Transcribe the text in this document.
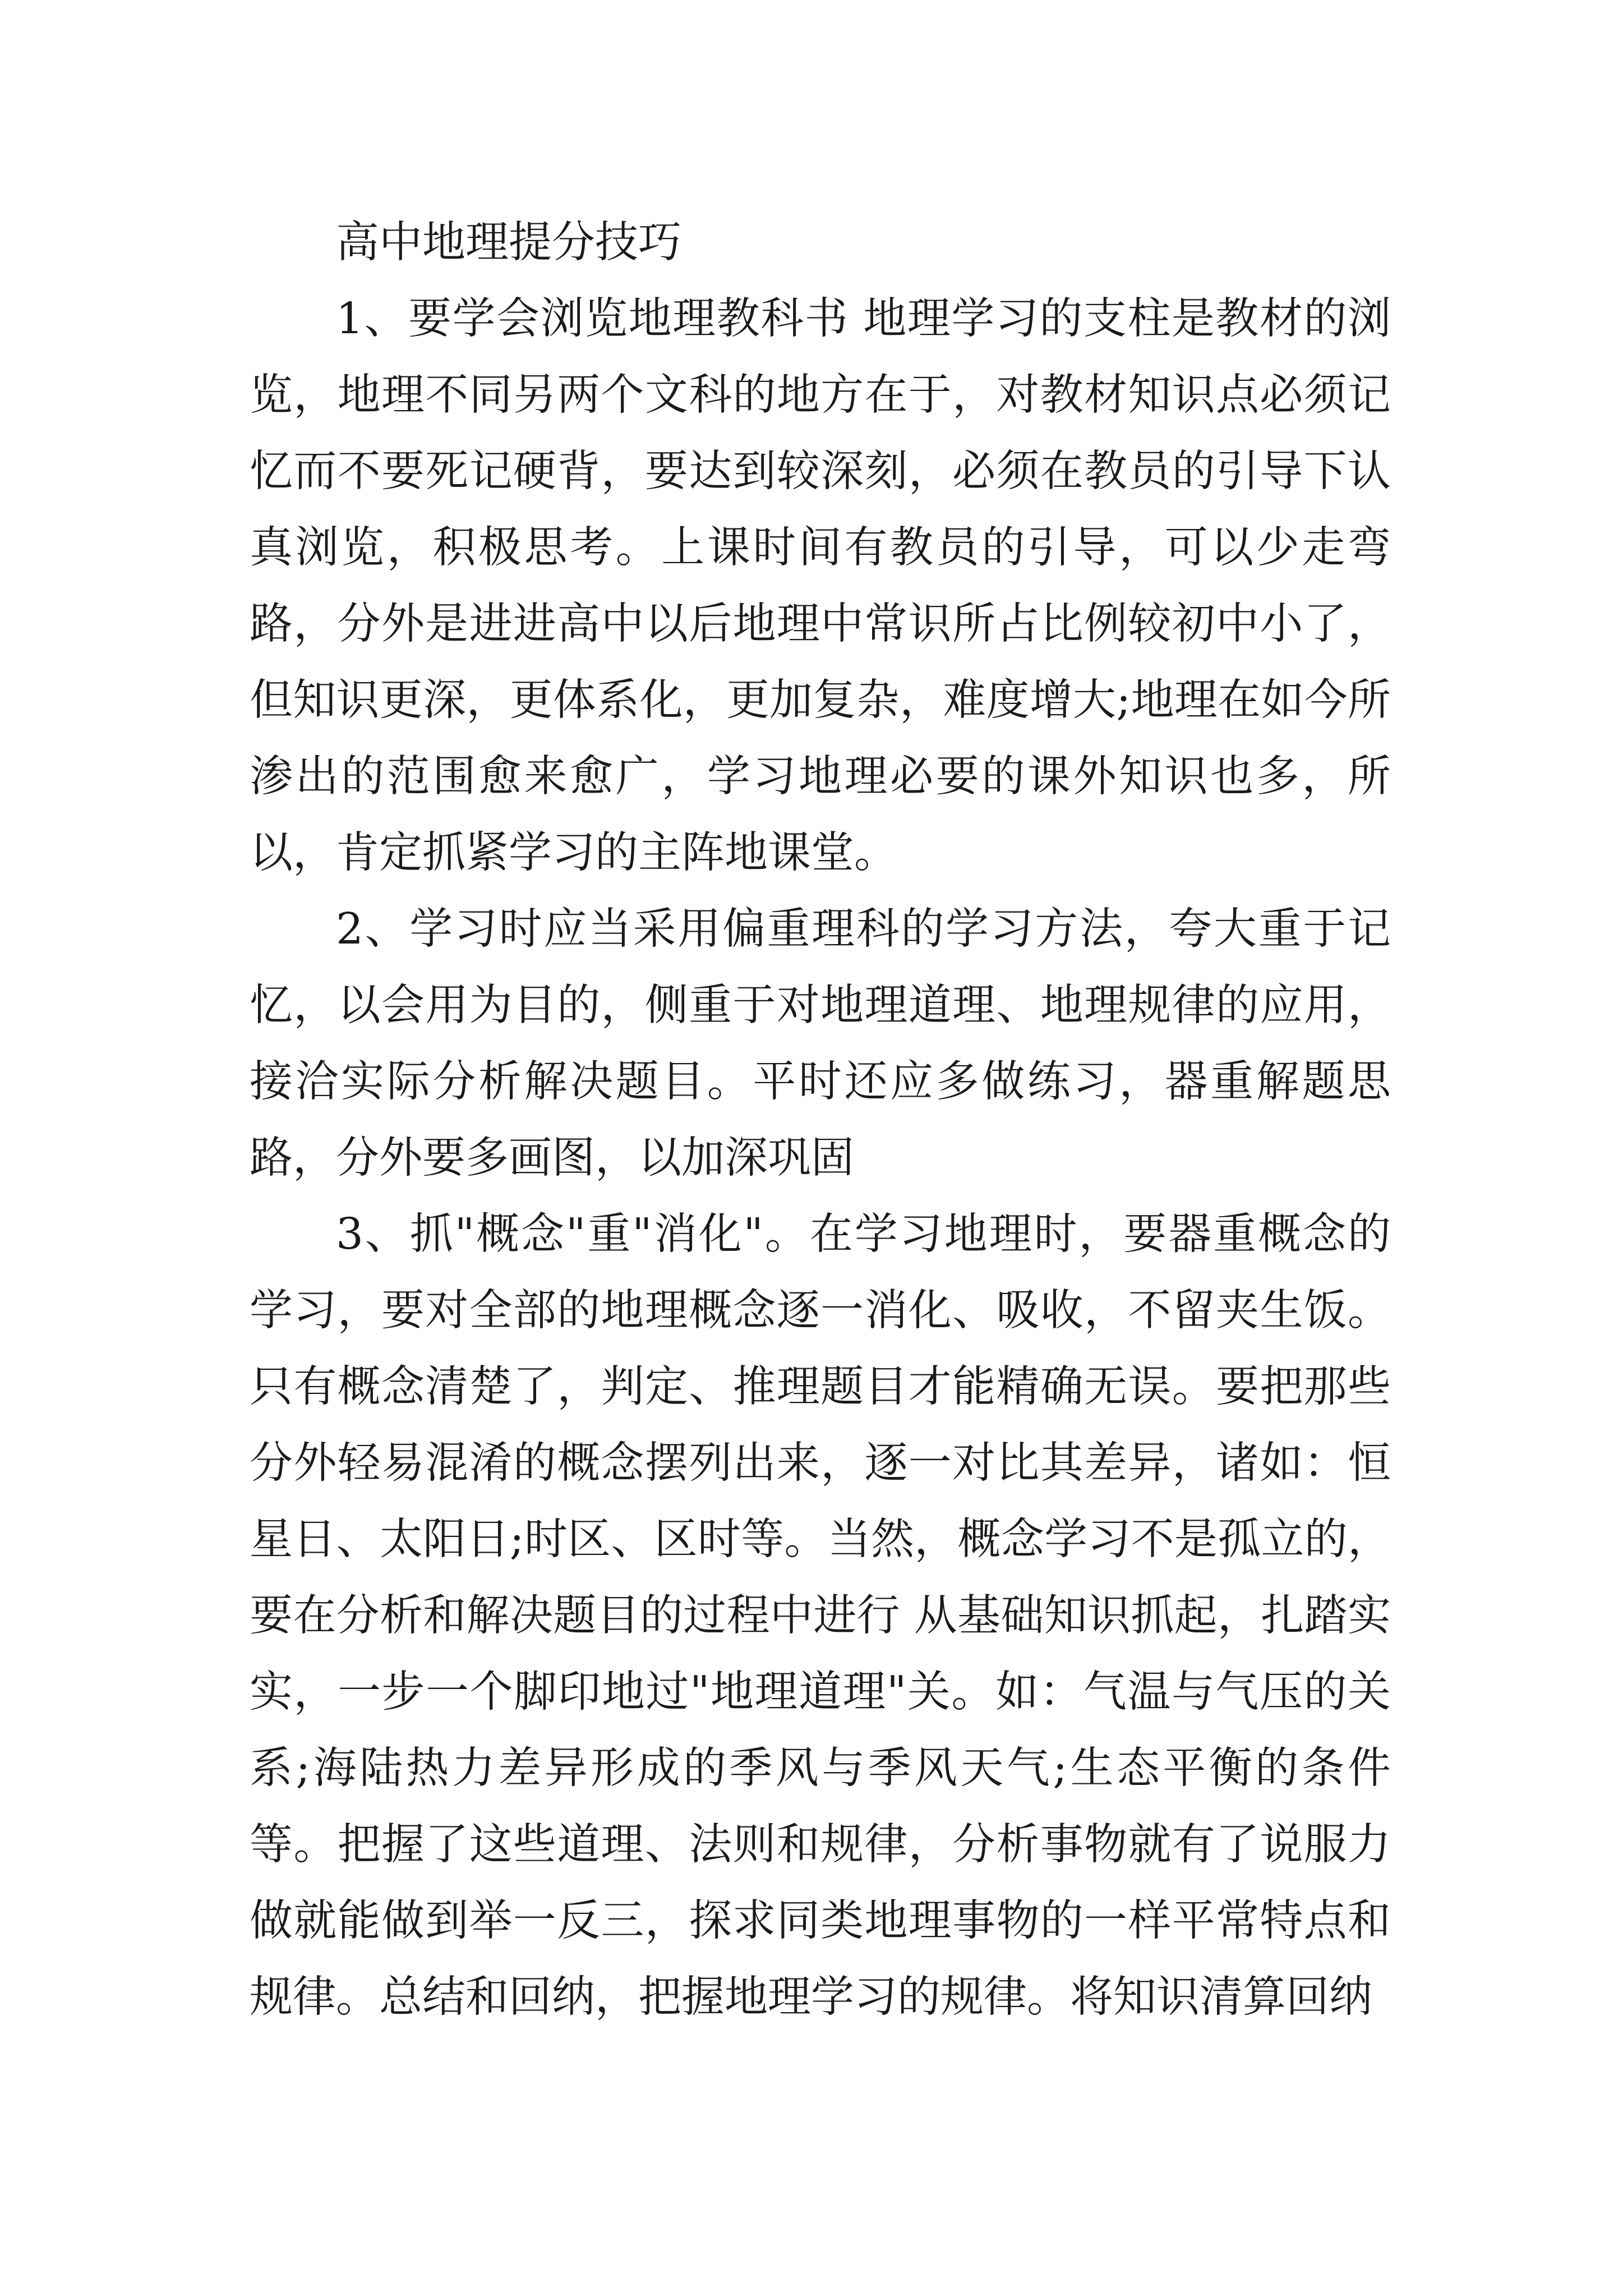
高中地理提分技巧

1、要学会浏览地理教科书 地理学习的支柱是教材的浏览，地理不同另两个文科的地方在于，对教材知识点必须记忆而不要死记硬背，要达到较深刻，必须在教员的引导下认真浏览，积极思考。上课时间有教员的引导，可以少走弯路，分外是进进高中以后地理中常识所占比例较初中小了，但知识更深，更体系化，更加复杂，难度增大;地理在如今所渗出的范围愈来愈广，学习地理必要的课外知识也多，所以，肯定抓紧学习的主阵地课堂。

2、学习时应当采用偏重理科的学习方法，夸大重于记忆，以会用为目的，侧重于对地理道理、地理规律的应用，接洽实际分析解决题目。平时还应多做练习，器重解题思路，分外要多画图，以加深巩固

3、抓"概念"重"消化"。在学习地理时，要器重概念的学习，要对全部的地理概念逐一消化、吸收，不留夹生饭。只有概念清楚了，判定、推理题目才能精确无误。要把那些分外轻易混淆的概念摆列出来，逐一对比其差异，诸如：恒星日、太阳日;时区、区时等。当然，概念学习不是孤立的，要在分析和解决题目的过程中进行 从基础知识抓起，扎踏实实，一步一个脚印地过"地理道理"关。如：气温与气压的关系;海陆热力差异形成的季风与季风天气;生态平衡的条件等。把握了这些道理、法则和规律，分析事物就有了说服力做就能做到举一反三，探求同类地理事物的一样平常特点和规律。总结和回纳，把握地理学习的规律。将知识清算回纳
